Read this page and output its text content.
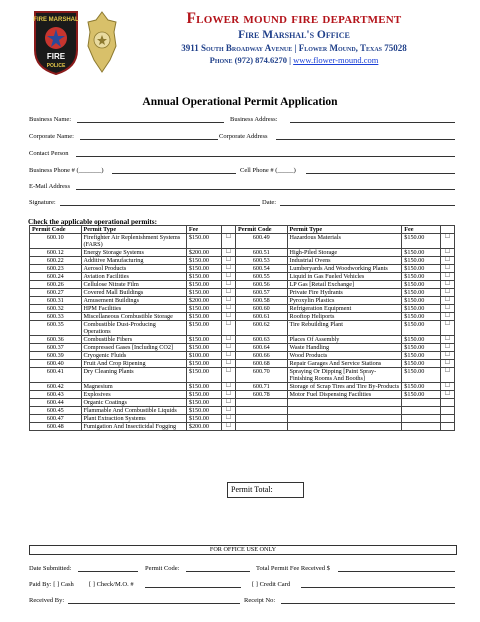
FIRE MARSHAL
FIRE
POLICE
Flower mound fire department
Fire Marshal's Office
3911 South Broadway Avenue | Flower Mound, Texas 75028
Phone (972) 874.6270 | www.flower-mound.com
Annual Operational Permit Application
Business Name:	Business Address:
Corporate Name:	Corporate Address
Contact Person
Business Phone # (_______)	Cell Phone # (_____)
E-Mail Address
Signature:	Date:
Check the applicable operational permits:
Permit Code	Permit Type	Fee		Permit Code	Permit Type	Fee	
600.10	Firefighter Air Replenishment Systems (FARS)	$150.00	☐	600.49	Hazardous Materials	$150.00	☐
600.12	Energy Storage Systems	$200.00	☐	600.51	High-Piled Storage	$150.00	☐
600.22	Additive Manufacturing	$150.00	☐	600.53	Industrial Ovens	$150.00	☐
600.23	Aerosol Products	$150.00	☐	600.54	Lumberyards And Woodworking Plants	$150.00	☐
600.24	Aviation Facilities	$150.00	☐	600.55	Liquid in Gas Fueled Vehicles	$150.00	☐
600.26	Cellulose Nitrate Film	$150.00	☐	600.56	LP Gas [Retail Exchange]	$150.00	☐
600.27	Covered Mall Buildings	$150.00	☐	600.57	Private Fire Hydrants	$150.00	☐
600.31	Amusement Buildings	$200.00	☐	600.58	Pyroxylin Plastics	$150.00	☐
600.32	HPM Facilities	$150.00	☐	600.60	Refrigeration Equipment	$150.00	☐
600.33	Miscellaneous Combustible Storage	$150.00	☐	600.61	Rooftop Heliports	$150.00	☐
600.35	Combustible Dust-Producing Operations	$150.00	☐	600.62	Tire Rebuilding Plant	$150.00	☐
600.36	Combustible Fibers	$150.00	☐	600.63	Places Of Assembly	$150.00	☐
600.37	Compressed Gases [Including CO2]	$150.00	☐	600.64	Waste Handling	$150.00	☐
600.39	Cryogenic Fluids	$100.00	☐	600.66	Wood Products	$150.00	☐
600.40	Fruit And Crop Ripening	$150.00	☐	600.68	Repair Garages And Service Stations	$150.00	☐
600.41	Dry Cleaning Plants	$150.00	☐	600.70	Spraying Or Dipping [Paint Spray-Finishing Rooms And Booths]	$150.00	☐
600.42	Magnesium	$150.00	☐	600.71	Storage of Scrap Tires and Tire By-Products	$150.00	☐
600.43	Explosives	$150.00	☐	600.78	Motor Fuel Dispensing Facilities	$150.00	☐
600.44	Organic Coatings	$150.00	☐				
600.45	Flammable And Combustible Liquids	$150.00	☐				
600.47	Plant Extraction Systems	$150.00	☐				
600.48	Fumigation And Insecticidal Fogging	$200.00	☐				
Permit Total:
FOR OFFICE USE ONLY
Date Submitted:	Permit Code:	Total Permit Fee Received $
Paid By: [ ] Cash [ ] Check/M.O. #	[ ] Credit Card
Received By:	Receipt No:
